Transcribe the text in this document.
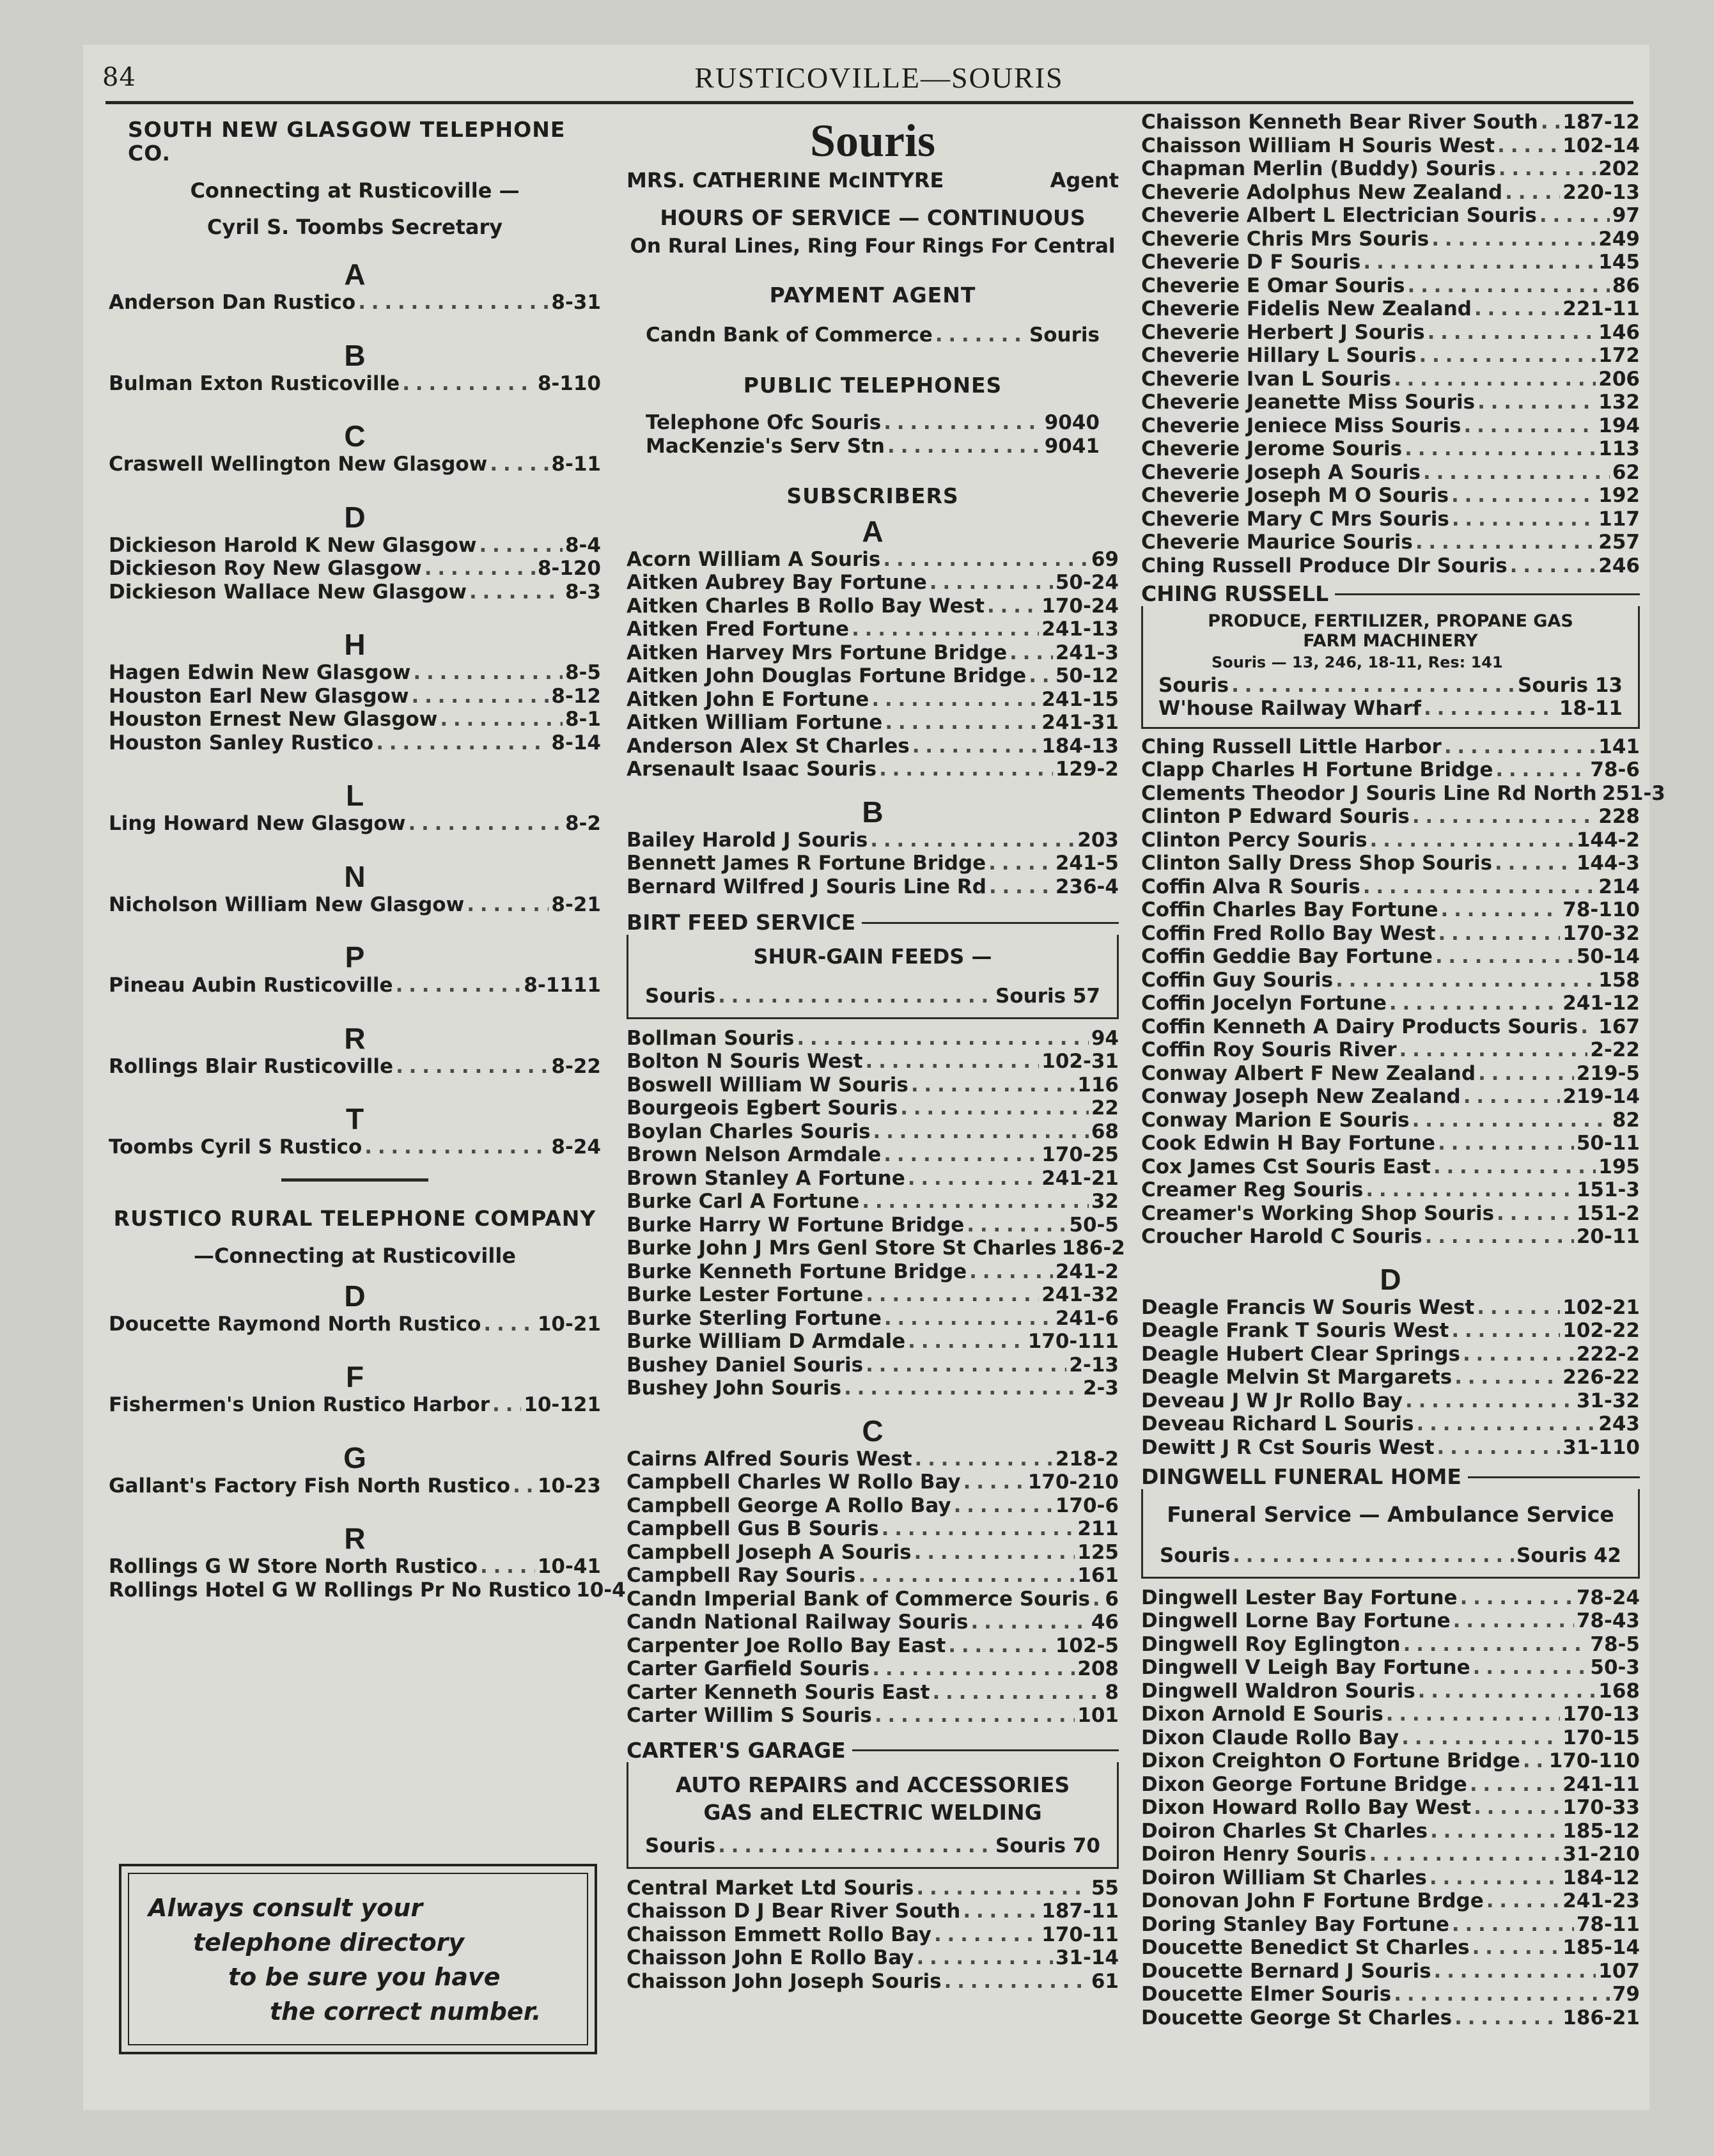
84	RUSTICOVILLE—SOURIS
SOUTH NEW GLASGOW TELEPHONE CO.
Connecting at Rusticoville —
Cyril S. Toombs Secretary
A
Anderson Dan Rustico . . .	8-31
B
Bulman Exton Rusticoville . . .	8-110
C
Craswell Wellington New Glasgow . . .	8-11
D
Dickieson Harold K New Glasgow . . .	8-4
Dickieson Roy New Glasgow . . .	8-120
Dickieson Wallace New Glasgow . . .	8-3
H
Hagen Edwin New Glasgow . . .	8-5
Houston Earl New Glasgow . . .	8-12
Houston Ernest New Glasgow . . .	8-1
Houston Sanley Rustico . . .	8-14
L
Ling Howard New Glasgow . . .	8-2
N
Nicholson William New Glasgow . . .	8-21
P
Pineau Aubin Rusticoville . . .	8-1111
R
Rollings Blair Rusticoville . . .	8-22
T
Toombs Cyril S Rustico . . .	8-24
RUSTICO RURAL TELEPHONE COMPANY
—Connecting at Rusticoville
D
Doucette Raymond North Rustico . . .	10-21
F
Fishermen's Union Rustico Harbor . . . 10-121
G
Gallant's Factory Fish North Rustico . . . 10-23
R
Rollings G W Store North Rustico . . .	10-41
Rollings Hotel G W Rollings Pr No Rustico 10-4
Always consult your
telephone directory
to be sure you have
the correct number.
Souris
MRS. CATHERINE McINTYRE	Agent
HOURS OF SERVICE — CONTINUOUS
On Rural Lines, Ring Four Rings For Central
PAYMENT AGENT
Candn Bank of Commerce . . .	Souris
PUBLIC TELEPHONES
Telephone Ofc Souris . . .	9040
MacKenzie's Serv Stn . . .	9041
SUBSCRIBERS
A
Acorn William A Souris . . .	69
Aitken Aubrey Bay Fortune . . .	50-24
Aitken Charles B Rollo Bay West . . .	170-24
Aitken Fred Fortune . . .	241-13
Aitken Harvey Mrs Fortune Bridge . . . 241-3
Aitken John Douglas Fortune Bridge . . . 50-12
Aitken John E Fortune . . .	241-15
Aitken William Fortune . . .	241-31
Anderson Alex St Charles . . .	184-13
Arsenault Isaac Souris . . .	129-2
B
Bailey Harold J Souris . . .	203
Bennett James R Fortune Bridge . . .	241-5
Bernard Wilfred J Souris Line Rd . . .	236-4
BIRT FEED SERVICE
SHUR-GAIN FEEDS —
Souris . . .	Souris 57
Bollman Souris . . .	94
Bolton N Souris West . . .	102-31
Boswell William W Souris . . .	116
Bourgeois Egbert Souris . . .	22
Boylan Charles Souris . . .	68
Brown Nelson Armdale . . .	170-25
Brown Stanley A Fortune . . .	241-21
Burke Carl A Fortune . . .	32
Burke Harry W Fortune Bridge . . .	50-5
Burke John J Mrs Genl Store St Charles 186-2
Burke Kenneth Fortune Bridge . . .	241-2
Burke Lester Fortune . . .	241-32
Burke Sterling Fortune . . .	241-6
Burke William D Armdale . . .	170-111
Bushey Daniel Souris . . .	2-13
Bushey John Souris . . .	2-3
C
Cairns Alfred Souris West . . .	218-2
Campbell Charles W Rollo Bay . . .	170-210
Campbell George A Rollo Bay . . .	170-6
Campbell Gus B Souris . . .	211
Campbell Joseph A Souris . . .	125
Campbell Ray Souris . . .	161
Candn Imperial Bank of Commerce Souris . . . 6
Candn National Railway Souris . . .	46
Carpenter Joe Rollo Bay East . . .	102-5
Carter Garfield Souris . . .	208
Carter Kenneth Souris East . . .	8
Carter Willim S Souris . . .	101
CARTER'S GARAGE
AUTO REPAIRS and ACCESSORIES
GAS and ELECTRIC WELDING
Souris . . .	Souris 70
Central Market Ltd Souris . . .	55
Chaisson D J Bear River South . . .	187-11
Chaisson Emmett Rollo Bay . . .	170-11
Chaisson John E Rollo Bay . . .	31-14
Chaisson John Joseph Souris . . .	61
Chaisson Kenneth Bear River South . . . 187-12
Chaisson William H Souris West . . .	102-14
Chapman Merlin (Buddy) Souris . . .	202
Cheverie Adolphus New Zealand . . .	220-13
Cheverie Albert L Electrician Souris . . .	97
Cheverie Chris Mrs Souris . . .	249
Cheverie D F Souris . . .	145
Cheverie E Omar Souris . . .	86
Cheverie Fidelis New Zealand . . .	221-11
Cheverie Herbert J Souris . . .	146
Cheverie Hillary L Souris . . .	172
Cheverie Ivan L Souris . . .	206
Cheverie Jeanette Miss Souris . . .	132
Cheverie Jeniece Miss Souris . . .	194
Cheverie Jerome Souris . . .	113
Cheverie Joseph A Souris . . .	62
Cheverie Joseph M O Souris . . .	192
Cheverie Mary C Mrs Souris . . .	117
Cheverie Maurice Souris . . .	257
Ching Russell Produce Dlr Souris . . .	246
CHING RUSSELL
PRODUCE, FERTILIZER, PROPANE GAS
FARM MACHINERY
Souris — 13, 246, 18-11, Res: 141
Souris . . .	Souris 13
W'house Railway Wharf . . .	18-11
Ching Russell Little Harbor . . .	141
Clapp Charles H Fortune Bridge . . .	78-6
Clements Theodor J Souris Line Rd North 251-3
Clinton P Edward Souris . . .	228
Clinton Percy Souris . . .	144-2
Clinton Sally Dress Shop Souris . . .	144-3
Coffin Alva R Souris . . .	214
Coffin Charles Bay Fortune . . .	78-110
Coffin Fred Rollo Bay West . . .	170-32
Coffin Geddie Bay Fortune . . .	50-14
Coffin Guy Souris . . .	158
Coffin Jocelyn Fortune . . .	241-12
Coffin Kenneth A Dairy Products Souris . . . 167
Coffin Roy Souris River . . .	2-22
Conway Albert F New Zealand . . .	219-5
Conway Joseph New Zealand . . .	219-14
Conway Marion E Souris . . .	82
Cook Edwin H Bay Fortune . . .	50-11
Cox James Cst Souris East . . .	195
Creamer Reg Souris . . .	151-3
Creamer's Working Shop Souris . . .	151-2
Croucher Harold C Souris . . .	20-11
D
Deagle Francis W Souris West . . .	102-21
Deagle Frank T Souris West . . .	102-22
Deagle Hubert Clear Springs . . .	222-2
Deagle Melvin St Margarets . . .	226-22
Deveau J W Jr Rollo Bay . . .	31-32
Deveau Richard L Souris . . .	243
Dewitt J R Cst Souris West . . .	31-110
DINGWELL FUNERAL HOME
Funeral Service — Ambulance Service
Souris . . .	Souris 42
Dingwell Lester Bay Fortune . . .	78-24
Dingwell Lorne Bay Fortune . . .	78-43
Dingwell Roy Eglington . . .	78-5
Dingwell V Leigh Bay Fortune . . .	50-3
Dingwell Waldron Souris . . .	168
Dixon Arnold E Souris . . .	170-13
Dixon Claude Rollo Bay . . .	170-15
Dixon Creighton O Fortune Bridge . . . 170-110
Dixon George Fortune Bridge . . .	241-11
Dixon Howard Rollo Bay West . . .	170-33
Doiron Charles St Charles . . .	185-12
Doiron Henry Souris . . .	31-210
Doiron William St Charles . . .	184-12
Donovan John F Fortune Brdge . . .	241-23
Doring Stanley Bay Fortune . . .	78-11
Doucette Benedict St Charles . . .	185-14
Doucette Bernard J Souris . . .	107
Doucette Elmer Souris . . .	79
Doucette George St Charles . . .	186-21
